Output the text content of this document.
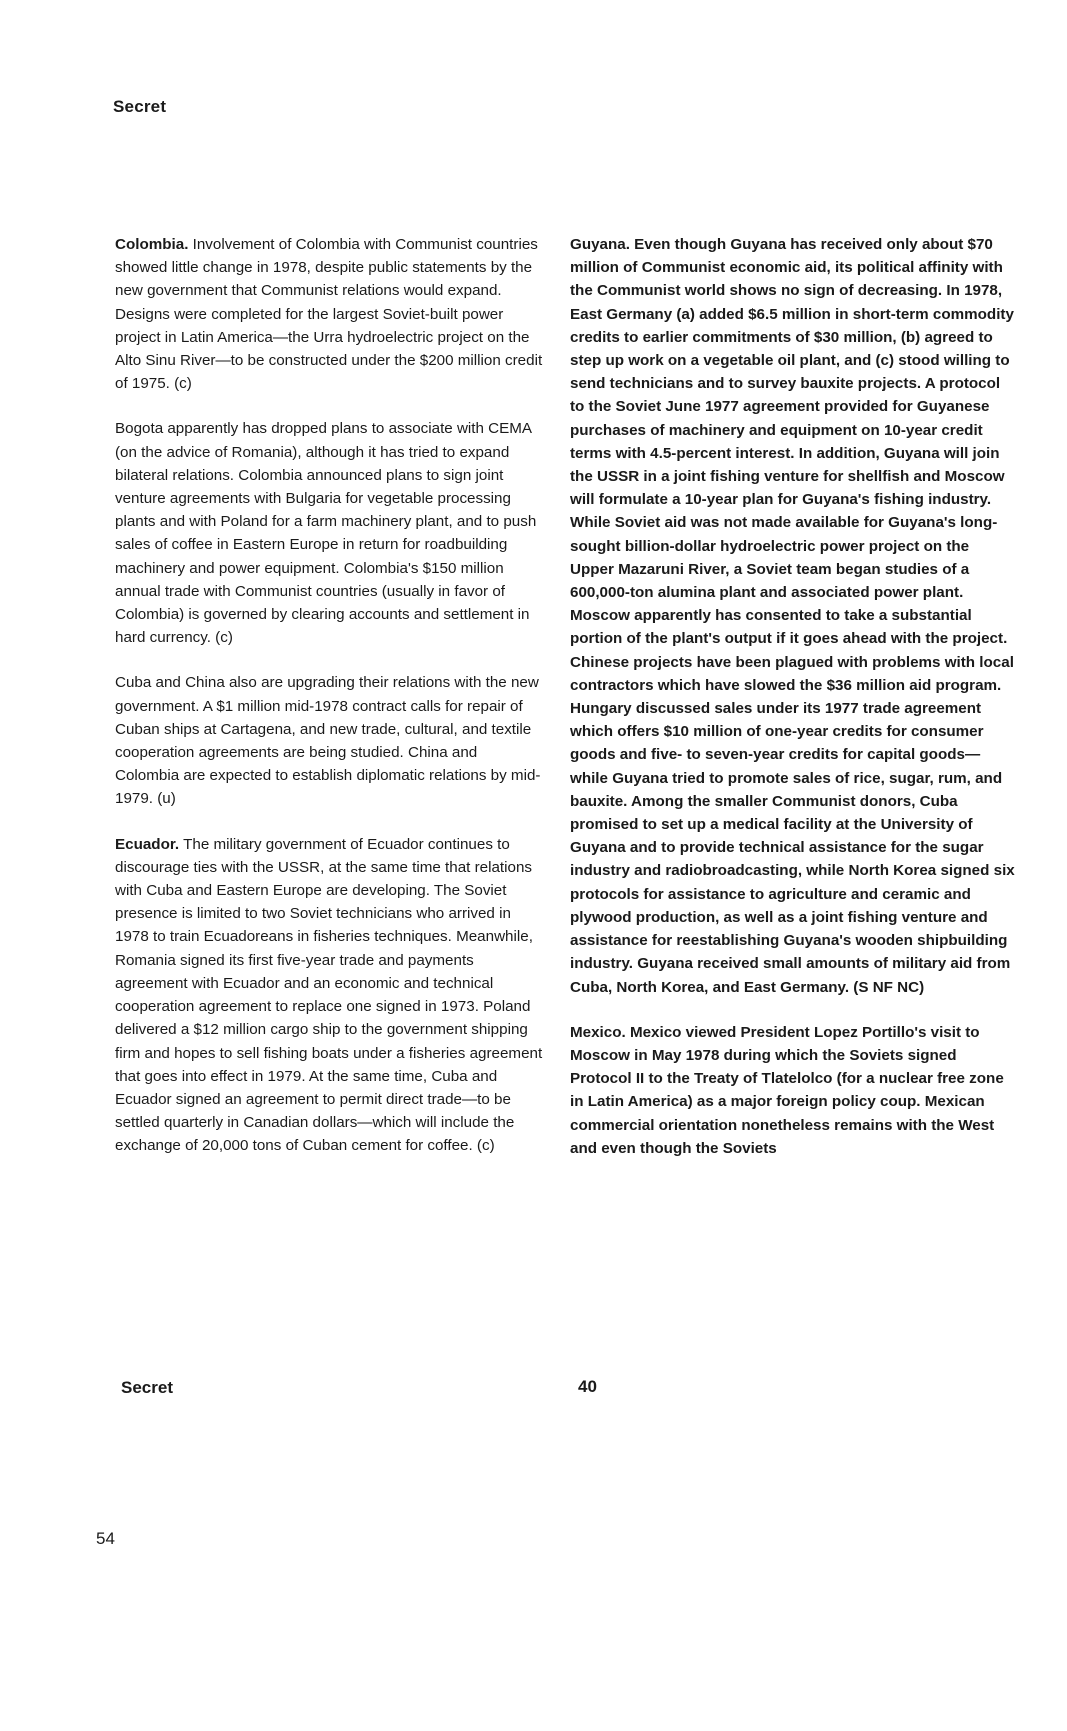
Secret

Colombia. Involvement of Colombia with Communist countries showed little change in 1978, despite public statements by the new government that Communist relations would expand. Designs were completed for the largest Soviet-built power project in Latin America—the Urra hydroelectric project on the Alto Sinu River—to be constructed under the $200 million credit of 1975. (c)

Bogota apparently has dropped plans to associate with CEMA (on the advice of Romania), although it has tried to expand bilateral relations. Colombia announced plans to sign joint venture agreements with Bulgaria for vegetable processing plants and with Poland for a farm machinery plant, and to push sales of coffee in Eastern Europe in return for roadbuilding machinery and power equipment. Colombia's $150 million annual trade with Communist countries (usually in favor of Colombia) is governed by clearing accounts and settlement in hard currency. (c)

Cuba and China also are upgrading their relations with the new government. A $1 million mid-1978 contract calls for repair of Cuban ships at Cartagena, and new trade, cultural, and textile cooperation agreements are being studied. China and Colombia are expected to establish diplomatic relations by mid-1979. (u)

Ecuador. The military government of Ecuador continues to discourage ties with the USSR, at the same time that relations with Cuba and Eastern Europe are developing. The Soviet presence is limited to two Soviet technicians who arrived in 1978 to train Ecuadoreans in fisheries techniques. Meanwhile, Romania signed its first five-year trade and payments agreement with Ecuador and an economic and technical cooperation agreement to replace one signed in 1973. Poland delivered a $12 million cargo ship to the government shipping firm and hopes to sell fishing boats under a fisheries agreement that goes into effect in 1979. At the same time, Cuba and Ecuador signed an agreement to permit direct trade—to be settled quarterly in Canadian dollars—which will include the exchange of 20,000 tons of Cuban cement for coffee. (c)

Guyana. Even though Guyana has received only about $70 million of Communist economic aid, its political affinity with the Communist world shows no sign of decreasing. In 1978, East Germany (a) added $6.5 million in short-term commodity credits to earlier commitments of $30 million, (b) agreed to step up work on a vegetable oil plant, and (c) stood willing to send technicians and to survey bauxite projects. A protocol to the Soviet June 1977 agreement provided for Guyanese purchases of machinery and equipment on 10-year credit terms with 4.5-percent interest. In addition, Guyana will join the USSR in a joint fishing venture for shellfish and Moscow will formulate a 10-year plan for Guyana's fishing industry. While Soviet aid was not made available for Guyana's long-sought billion-dollar hydroelectric power project on the Upper Mazaruni River, a Soviet team began studies of a 600,000-ton alumina plant and associated power plant. Moscow apparently has consented to take a substantial portion of the plant's output if it goes ahead with the project. Chinese projects have been plagued with problems with local contractors which have slowed the $36 million aid program. Hungary discussed sales under its 1977 trade agreement which offers $10 million of one-year credits for consumer goods and five- to seven-year credits for capital goods—while Guyana tried to promote sales of rice, sugar, rum, and bauxite. Among the smaller Communist donors, Cuba promised to set up a medical facility at the University of Guyana and to provide technical assistance for the sugar industry and radiobroadcasting, while North Korea signed six protocols for assistance to agriculture and ceramic and plywood production, as well as a joint fishing venture and assistance for reestablishing Guyana's wooden shipbuilding industry. Guyana received small amounts of military aid from Cuba, North Korea, and East Germany. (S NF NC)

Mexico. Mexico viewed President Lopez Portillo's visit to Moscow in May 1978 during which the Soviets signed Protocol II to the Treaty of Tlatelolco (for a nuclear free zone in Latin America) as a major foreign policy coup. Mexican commercial orientation nonetheless remains with the West and even though the Soviets

Secret	40
54
